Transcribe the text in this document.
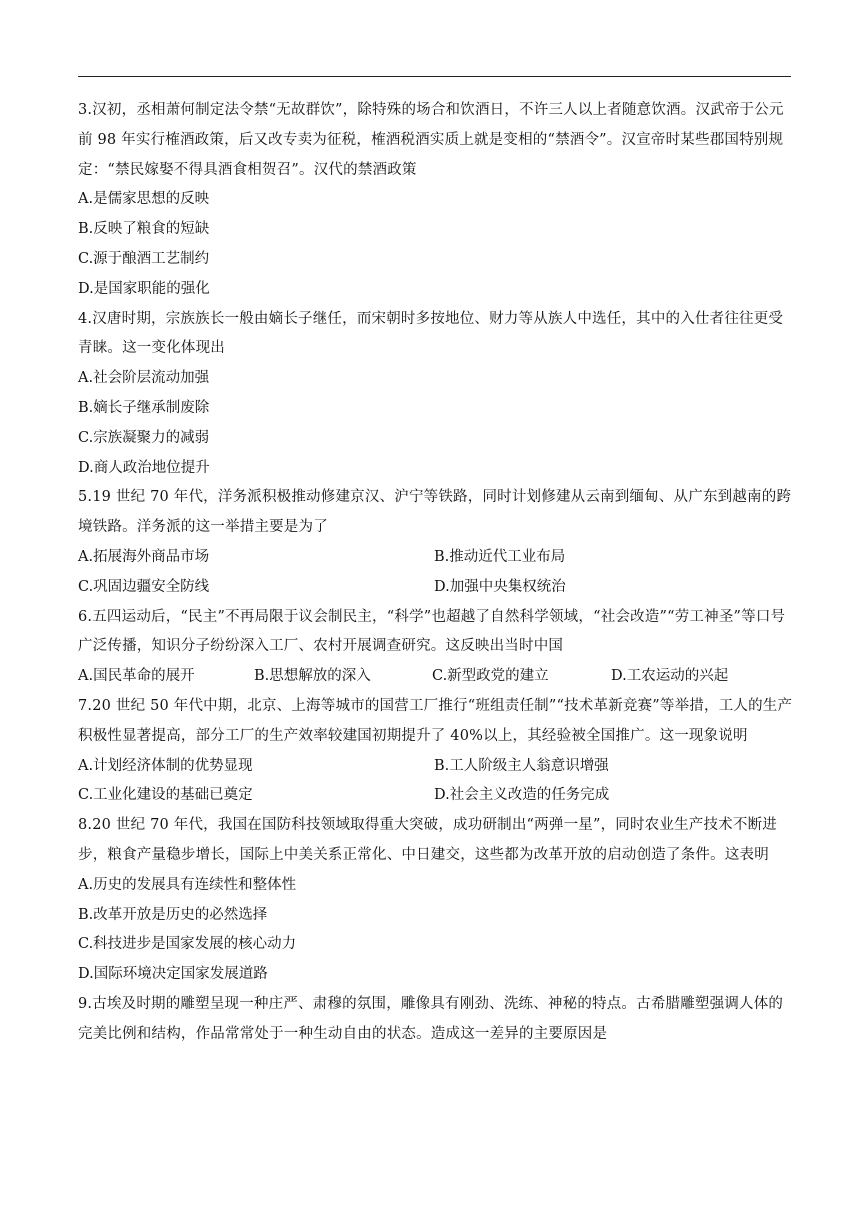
3.汉初，丞相萧何制定法令禁“无故群饮”，除特殊的场合和饮酒日，不许三人以上者随意饮酒。汉武帝于公元前 98 年实行榷酒政策，后又改专卖为征税，榷酒税酒实质上就是变相的“禁酒令”。汉宣帝时某些郡国特别规定：“禁民嫁娶不得具酒食相贺召”。汉代的禁酒政策

A.是儒家思想的反映

B.反映了粮食的短缺

C.源于酿酒工艺制约

D.是国家职能的强化

4.汉唐时期，宗族族长一般由嫡长子继任，而宋朝时多按地位、财力等从族人中选任，其中的入仕者往往更受青睐。这一变化体现出

A.社会阶层流动加强

B.嫡长子继承制废除

C.宗族凝聚力的减弱

D.商人政治地位提升

5.19 世纪 70 年代，洋务派积极推动修建京汉、沪宁等铁路，同时计划修建从云南到缅甸、从广东到越南的跨境铁路。洋务派的这一举措主要是为了

A.拓展海外商品市场	B.推动近代工业布局

C.巩固边疆安全防线	D.加强中央集权统治

6.五四运动后，“民主”不再局限于议会制民主，“科学”也超越了自然科学领域，“社会改造”“劳工神圣”等口号广泛传播，知识分子纷纷深入工厂、农村开展调查研究。这反映出当时中国

A.国民革命的展开	B.思想解放的深入	C.新型政党的建立	D.工农运动的兴起

7.20 世纪 50 年代中期，北京、上海等城市的国营工厂推行“班组责任制”“技术革新竞赛”等举措，工人的生产积极性显著提高，部分工厂的生产效率较建国初期提升了 40%以上，其经验被全国推广。这一现象说明

A.计划经济体制的优势显现	B.工人阶级主人翁意识增强

C.工业化建设的基础已奠定	D.社会主义改造的任务完成

8.20 世纪 70 年代，我国在国防科技领域取得重大突破，成功研制出“两弹一星”，同时农业生产技术不断进步，粮食产量稳步增长，国际上中美关系正常化、中日建交，这些都为改革开放的启动创造了条件。这表明

A.历史的发展具有连续性和整体性

B.改革开放是历史的必然选择

C.科技进步是国家发展的核心动力

D.国际环境决定国家发展道路

9.古埃及时期的雕塑呈现一种庄严、肃穆的氛围，雕像具有刚劲、洗练、神秘的特点。古希腊雕塑强调人体的完美比例和结构，作品常常处于一种生动自由的状态。造成这一差异的主要原因是
